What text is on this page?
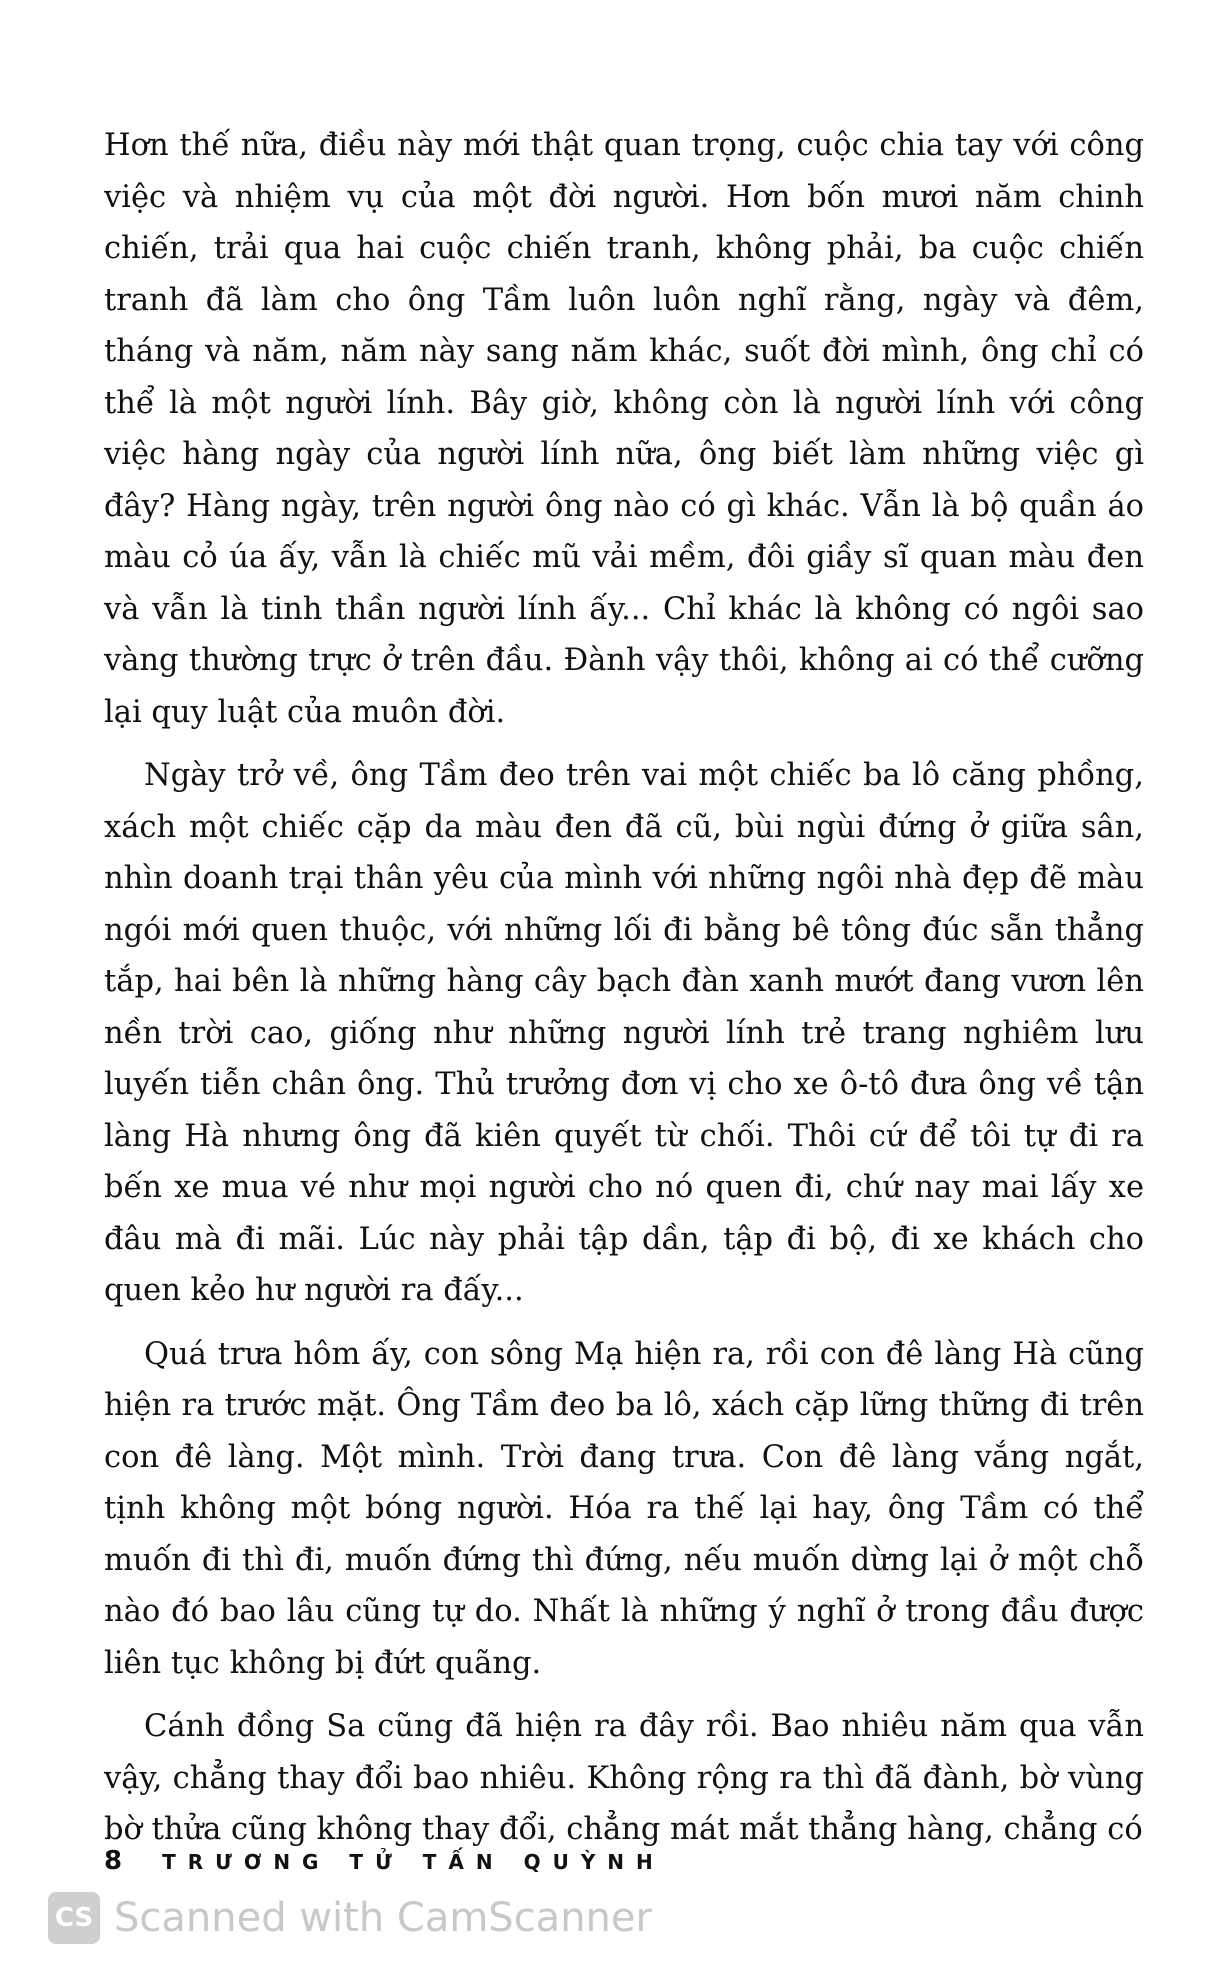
Hơn thế nữa, điều này mới thật quan trọng, cuộc chia tay với công việc và nhiệm vụ của một đời người. Hơn bốn mươi năm chinh chiến, trải qua hai cuộc chiến tranh, không phải, ba cuộc chiến tranh đã làm cho ông Tầm luôn luôn nghĩ rằng, ngày và đêm, tháng và năm, năm này sang năm khác, suốt đời mình, ông chỉ có thể là một người lính. Bây giờ, không còn là người lính với công việc hàng ngày của người lính nữa, ông biết làm những việc gì đây? Hàng ngày, trên người ông nào có gì khác. Vẫn là bộ quần áo màu cỏ úa ấy, vẫn là chiếc mũ vải mềm, đôi giầy sĩ quan màu đen và vẫn là tinh thần người lính ấy... Chỉ khác là không có ngôi sao vàng thường trực ở trên đầu. Đành vậy thôi, không ai có thể cưỡng lại quy luật của muôn đời.

Ngày trở về, ông Tầm đeo trên vai một chiếc ba lô căng phồng, xách một chiếc cặp da màu đen đã cũ, bùi ngùi đứng ở giữa sân, nhìn doanh trại thân yêu của mình với những ngôi nhà đẹp đẽ màu ngói mới quen thuộc, với những lối đi bằng bê tông đúc sẵn thẳng tắp, hai bên là những hàng cây bạch đàn xanh mướt đang vươn lên nền trời cao, giống như những người lính trẻ trang nghiêm lưu luyến tiễn chân ông. Thủ trưởng đơn vị cho xe ô-tô đưa ông về tận làng Hà nhưng ông đã kiên quyết từ chối. Thôi cứ để tôi tự đi ra bến xe mua vé như mọi người cho nó quen đi, chứ nay mai lấy xe đâu mà đi mãi. Lúc này phải tập dần, tập đi bộ, đi xe khách cho quen kẻo hư người ra đấy...

Quá trưa hôm ấy, con sông Mạ hiện ra, rồi con đê làng Hà cũng hiện ra trước mặt. Ông Tầm đeo ba lô, xách cặp lững thững đi trên con đê làng. Một mình. Trời đang trưa. Con đê làng vắng ngắt, tịnh không một bóng người. Hóa ra thế lại hay, ông Tầm có thể muốn đi thì đi, muốn đứng thì đứng, nếu muốn dừng lại ở một chỗ nào đó bao lâu cũng tự do. Nhất là những ý nghĩ ở trong đầu được liên tục không bị đứt quãng.

Cánh đồng Sa cũng đã hiện ra đây rồi. Bao nhiêu năm qua vẫn vậy, chẳng thay đổi bao nhiêu. Không rộng ra thì đã đành, bờ vùng bờ thửa cũng không thay đổi, chẳng mát mắt thẳng hàng, chẳng có

8 TRƯƠNG TỬ TẤN QUỲNH
CS Scanned with CamScanner
